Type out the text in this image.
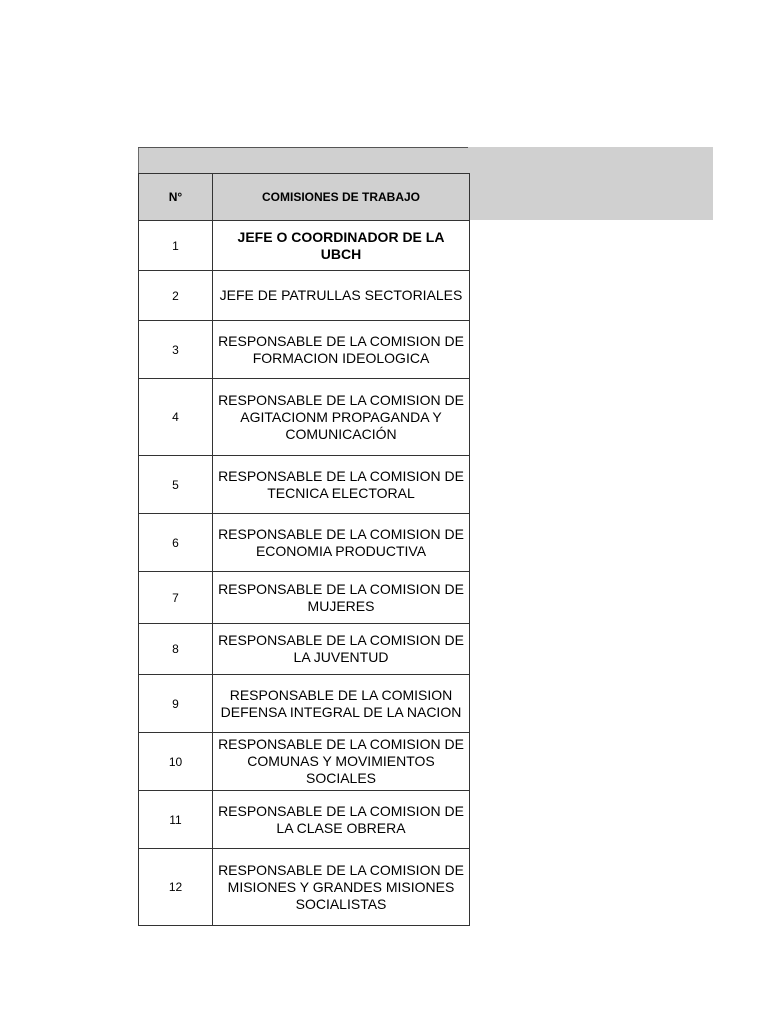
N°	COMISIONES DE TRABAJO
1	JEFE O COORDINADOR DE LA UBCH
2	JEFE DE PATRULLAS SECTORIALES
3	RESPONSABLE DE LA COMISION DE FORMACION IDEOLOGICA
4	RESPONSABLE DE LA COMISION DE AGITACIONM PROPAGANDA Y COMUNICACIÓN
5	RESPONSABLE DE LA COMISION DE TECNICA ELECTORAL
6	RESPONSABLE DE LA COMISION DE ECONOMIA PRODUCTIVA
7	RESPONSABLE DE LA COMISION DE MUJERES
8	RESPONSABLE DE LA COMISION DE LA JUVENTUD
9	RESPONSABLE DE LA COMISION DEFENSA INTEGRAL DE LA NACION
10	RESPONSABLE DE LA COMISION DE COMUNAS Y MOVIMIENTOS SOCIALES
11	RESPONSABLE DE LA COMISION DE LA CLASE OBRERA
12	RESPONSABLE DE LA COMISION DE MISIONES Y GRANDES MISIONES SOCIALISTAS
